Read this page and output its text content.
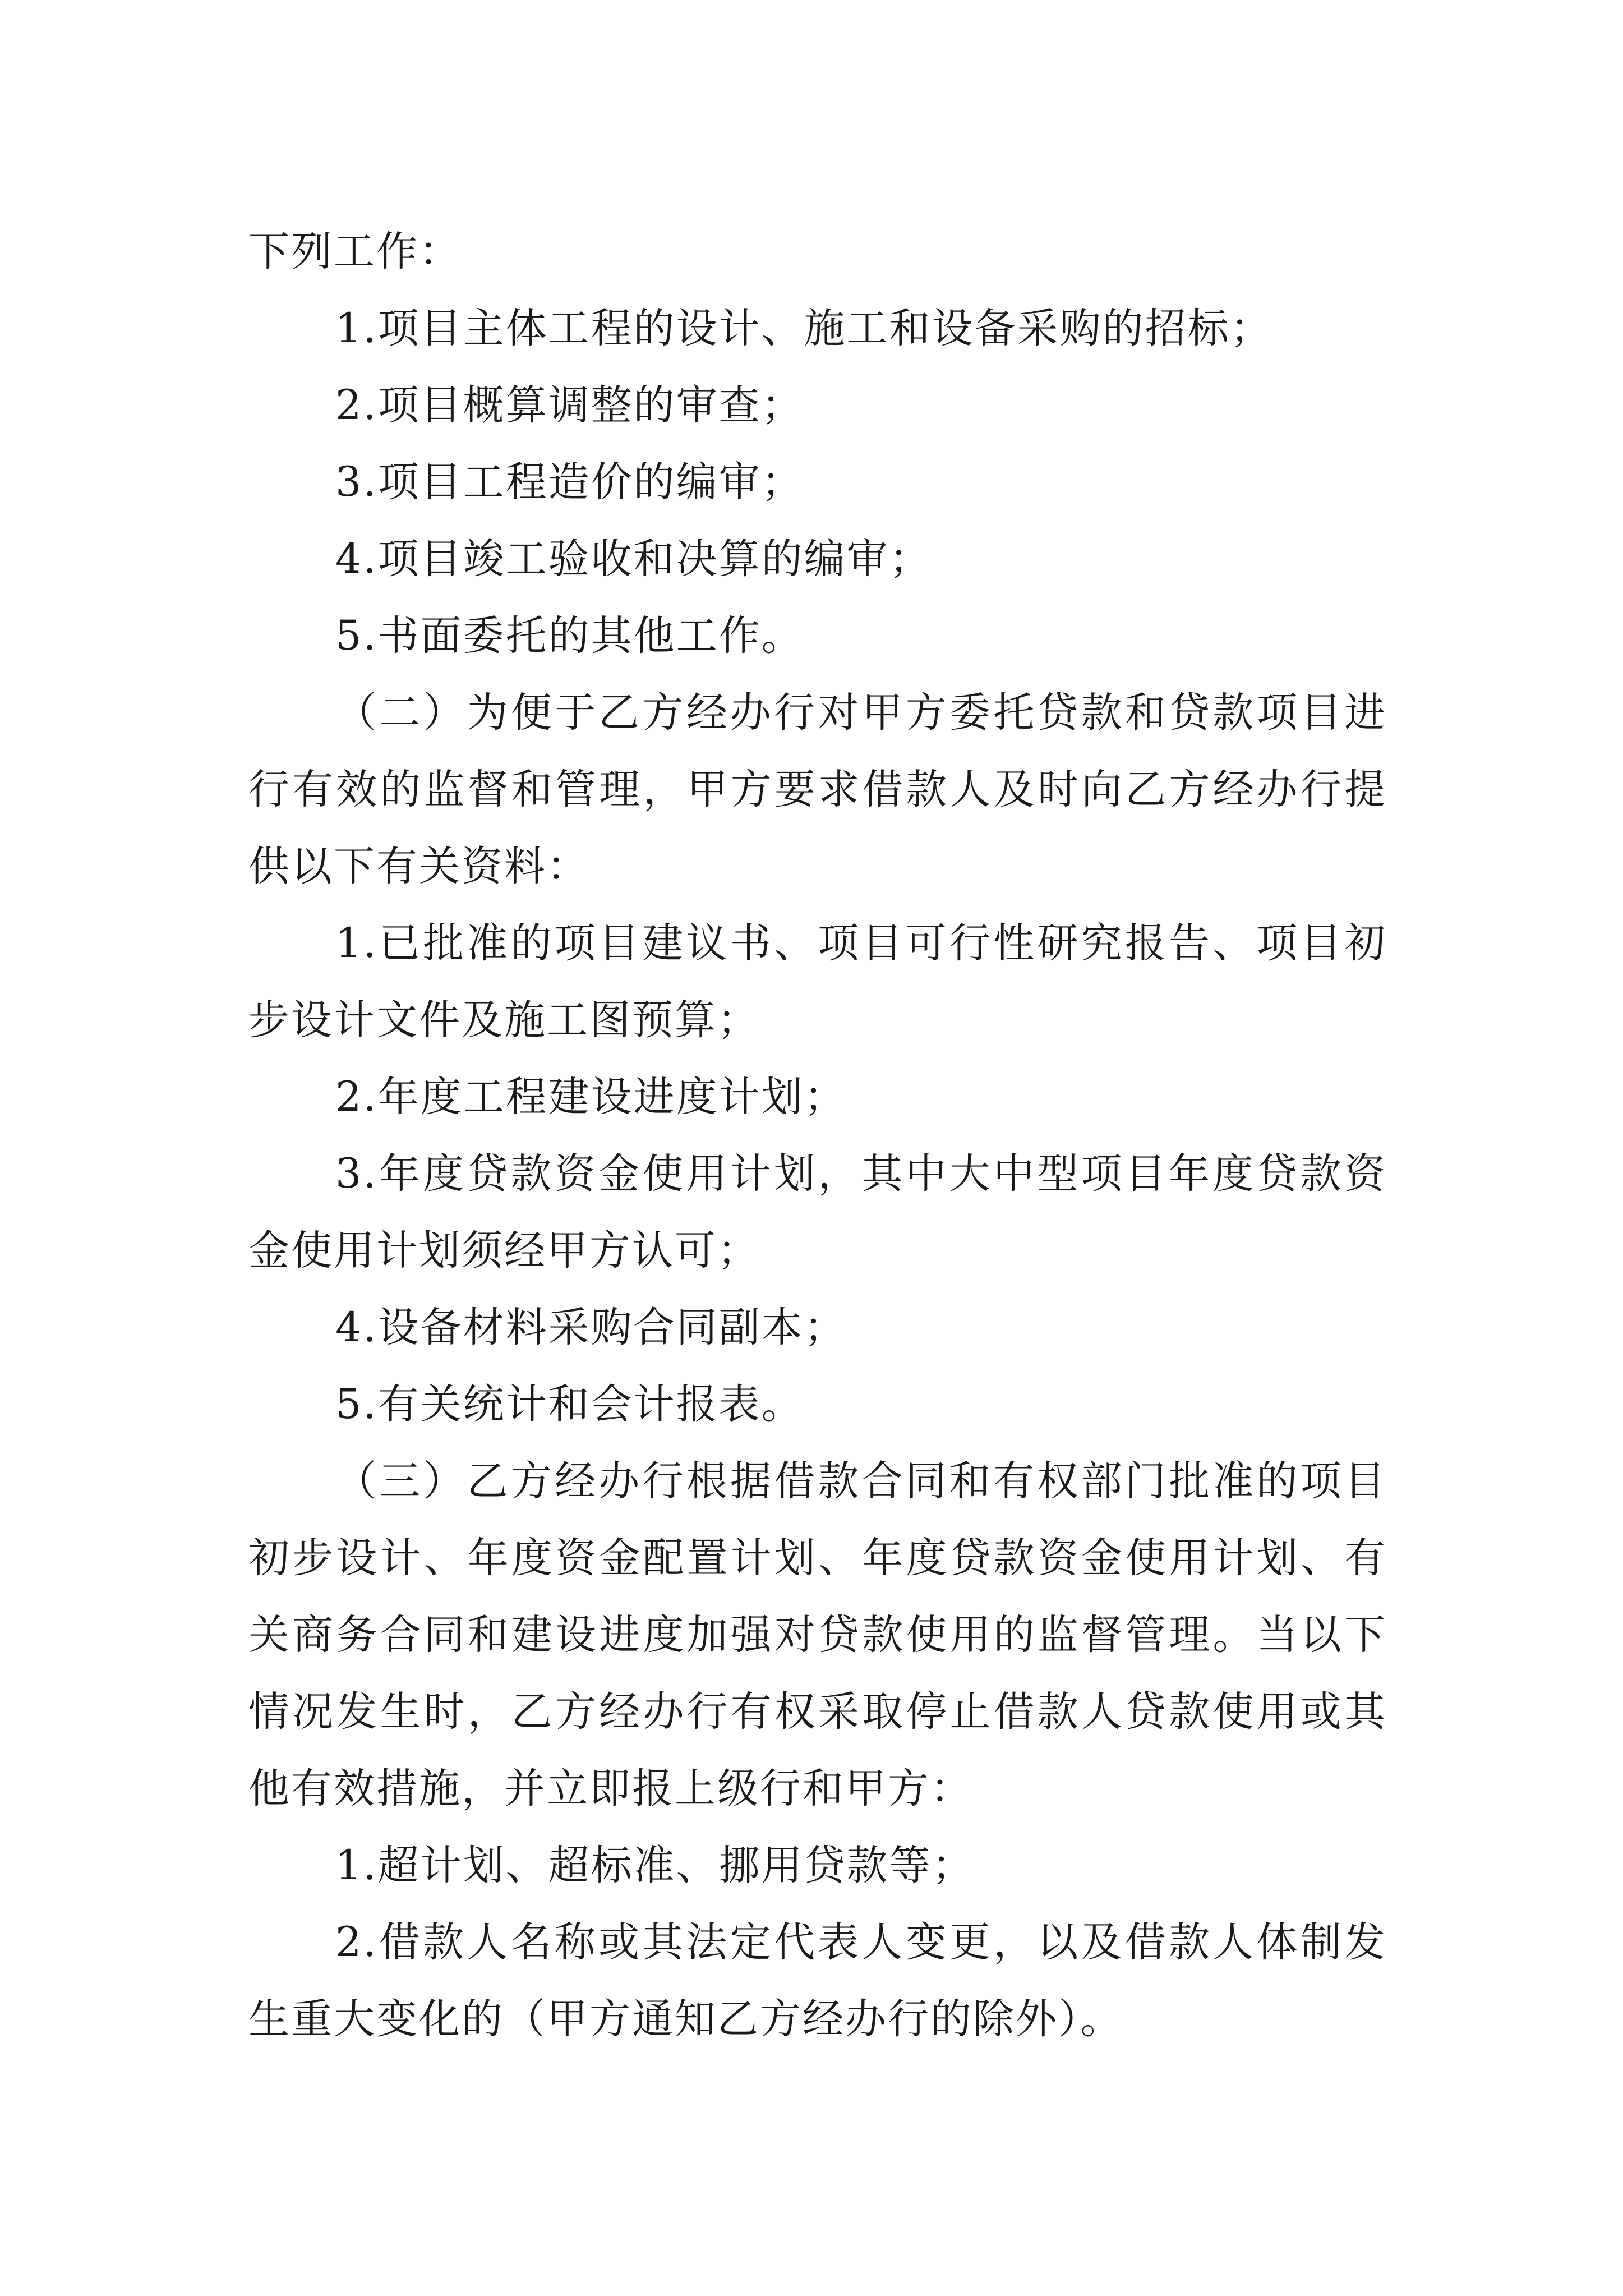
下列工作：

1.项目主体工程的设计、施工和设备采购的招标；

2.项目概算调整的审查；

3.项目工程造价的编审；

4.项目竣工验收和决算的编审；

5.书面委托的其他工作。

（二）为便于乙方经办行对甲方委托贷款和贷款项目进行有效的监督和管理，甲方要求借款人及时向乙方经办行提供以下有关资料：

1.已批准的项目建议书、项目可行性研究报告、项目初步设计文件及施工图预算；

2.年度工程建设进度计划；

3.年度贷款资金使用计划，其中大中型项目年度贷款资金使用计划须经甲方认可；

4.设备材料采购合同副本；

5.有关统计和会计报表。

（三）乙方经办行根据借款合同和有权部门批准的项目初步设计、年度资金配置计划、年度贷款资金使用计划、有关商务合同和建设进度加强对贷款使用的监督管理。当以下情况发生时，乙方经办行有权采取停止借款人贷款使用或其他有效措施，并立即报上级行和甲方：

1.超计划、超标准、挪用贷款等；

2.借款人名称或其法定代表人变更，以及借款人体制发生重大变化的（甲方通知乙方经办行的除外）。
